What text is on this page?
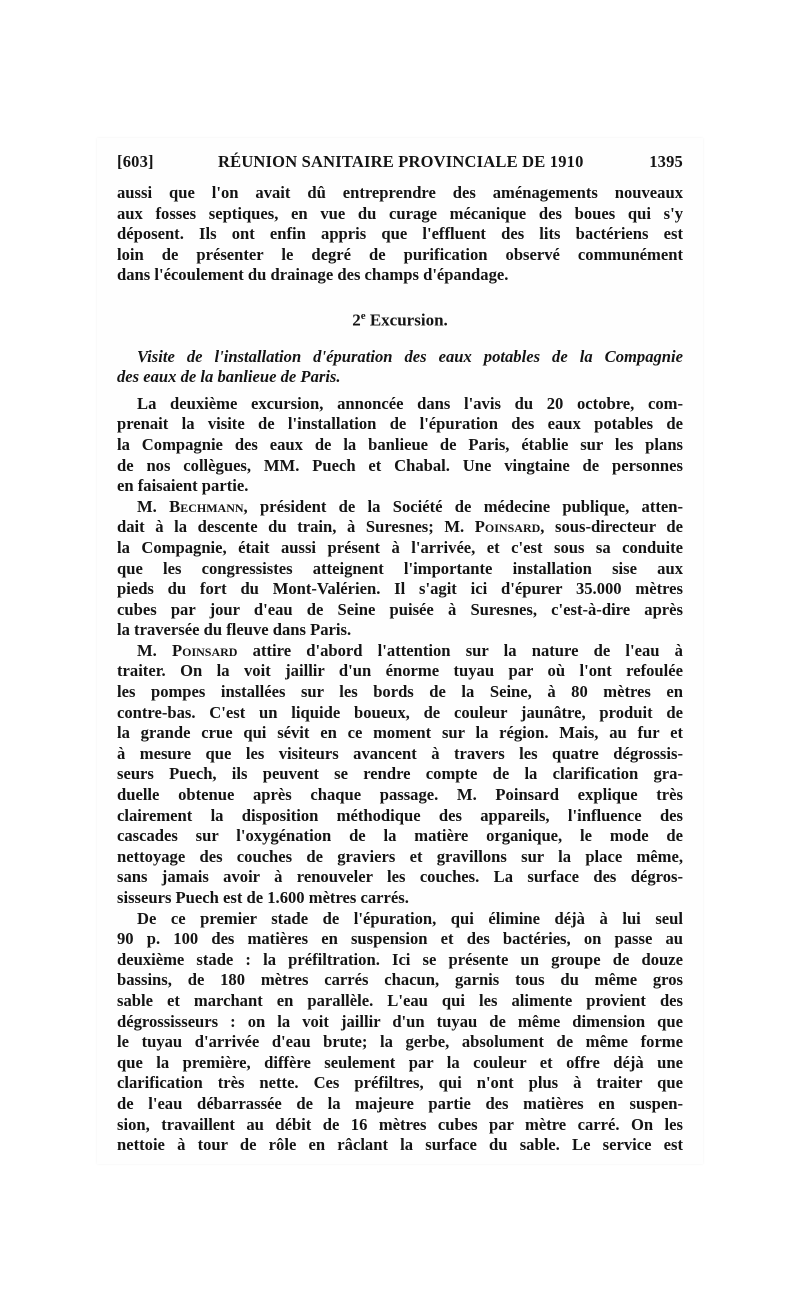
[603]	RÉUNION SANITAIRE PROVINCIALE DE 1910	1395
aussi que l'on avait dû entreprendre des aménagements nouveaux
aux fosses septiques, en vue du curage mécanique des boues qui s'y
déposent. Ils ont enfin appris que l'effluent des lits bactériens est
loin de présenter le degré de purification observé communément
dans l'écoulement du drainage des champs d'épandage.
2e Excursion.
Visite de l'installation d'épuration des eaux potables de la Compagnie
des eaux de la banlieue de Paris.
La deuxième excursion, annoncée dans l'avis du 20 octobre, com-
prenait la visite de l'installation de l'épuration des eaux potables de
la Compagnie des eaux de la banlieue de Paris, établie sur les plans
de nos collègues, MM. Puech et Chabal. Une vingtaine de personnes
en faisaient partie.
M. Bechmann, président de la Société de médecine publique, atten-
dait à la descente du train, à Suresnes; M. Poinsard, sous-directeur de
la Compagnie, était aussi présent à l'arrivée, et c'est sous sa conduite
que les congressistes atteignent l'importante installation sise aux
pieds du fort du Mont-Valérien. Il s'agit ici d'épurer 35.000 mètres
cubes par jour d'eau de Seine puisée à Suresnes, c'est-à-dire après
la traversée du fleuve dans Paris.
M. Poinsard attire d'abord l'attention sur la nature de l'eau à
traiter. On la voit jaillir d'un énorme tuyau par où l'ont refoulée
les pompes installées sur les bords de la Seine, à 80 mètres en
contre-bas. C'est un liquide boueux, de couleur jaunâtre, produit de
la grande crue qui sévit en ce moment sur la région. Mais, au fur et
à mesure que les visiteurs avancent à travers les quatre dégrossis-
seurs Puech, ils peuvent se rendre compte de la clarification gra-
duelle obtenue après chaque passage. M. Poinsard explique très
clairement la disposition méthodique des appareils, l'influence des
cascades sur l'oxygénation de la matière organique, le mode de
nettoyage des couches de graviers et gravillons sur la place même,
sans jamais avoir à renouveler les couches. La surface des dégros-
sisseurs Puech est de 1.600 mètres carrés.
De ce premier stade de l'épuration, qui élimine déjà à lui seul
90 p. 100 des matières en suspension et des bactéries, on passe au
deuxième stade : la préfiltration. Ici se présente un groupe de douze
bassins, de 180 mètres carrés chacun, garnis tous du même gros
sable et marchant en parallèle. L'eau qui les alimente provient des
dégrossisseurs : on la voit jaillir d'un tuyau de même dimension que
le tuyau d'arrivée d'eau brute; la gerbe, absolument de même forme
que la première, diffère seulement par la couleur et offre déjà une
clarification très nette. Ces préfiltres, qui n'ont plus à traiter que
de l'eau débarrassée de la majeure partie des matières en suspen-
sion, travaillent au débit de 16 mètres cubes par mètre carré. On les
nettoie à tour de rôle en râclant la surface du sable. Le service est
